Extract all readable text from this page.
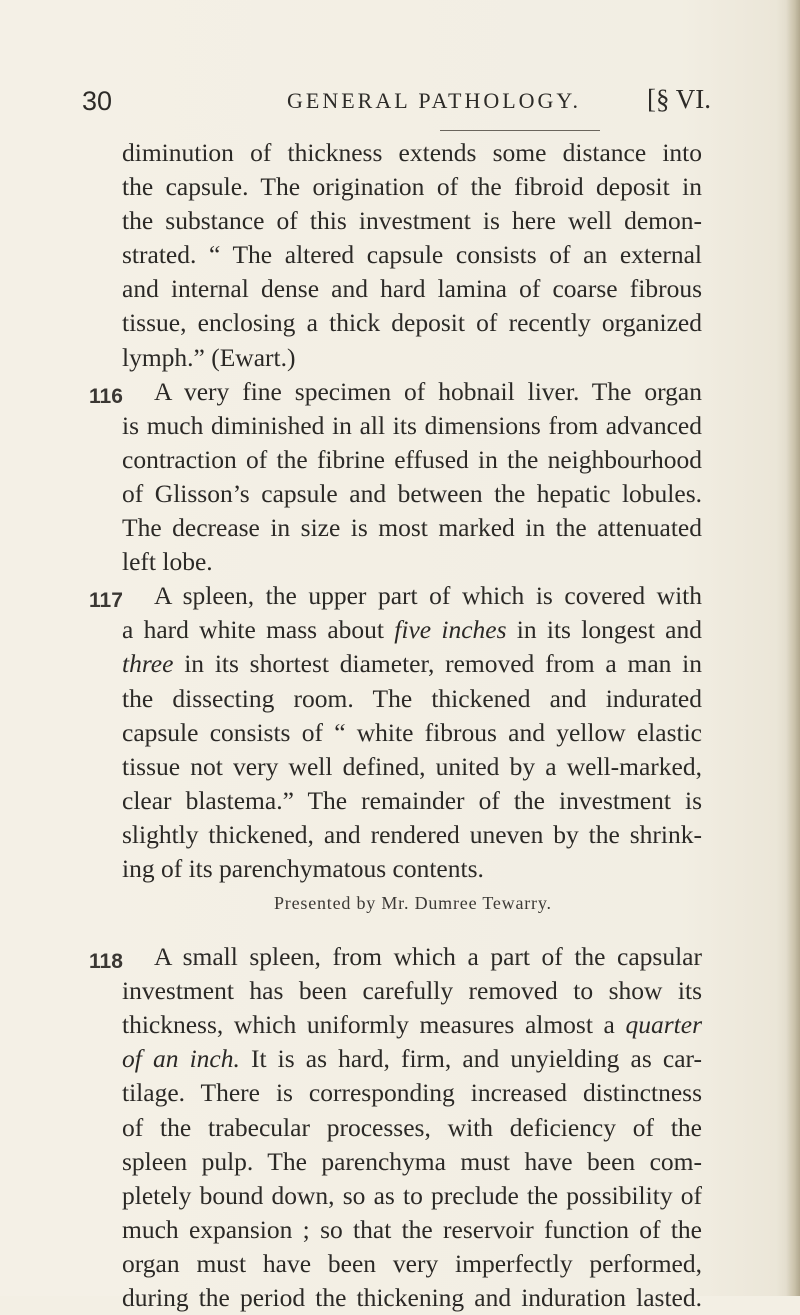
30	GENERAL PATHOLOGY. [§ VI.
diminution of thickness extends some distance into
the capsule. The origination of the fibroid deposit in
the substance of this investment is here well demon-
strated. “ The altered capsule consists of an external
and internal dense and hard lamina of coarse fibrous
tissue, enclosing a thick deposit of recently organized
lymph.” (Ewart.)
116	A very fine specimen of hobnail liver. The organ
is much diminished in all its dimensions from advanced
contraction of the fibrine effused in the neighbourhood
of Glisson’s capsule and between the hepatic lobules.
The decrease in size is most marked in the attenuated
left lobe.
117	A spleen, the upper part of which is covered with
a hard white mass about five inches in its longest and
three in its shortest diameter, removed from a man in
the dissecting room. The thickened and indurated
capsule consists of “ white fibrous and yellow elastic
tissue not very well defined, united by a well-marked,
clear blastema.” The remainder of the investment is
slightly thickened, and rendered uneven by the shrink-
ing of its parenchymatous contents.
Presented by Mr. Dumree Tewarry.
118	A small spleen, from which a part of the capsular
investment has been carefully removed to show its
thickness, which uniformly measures almost a quarter
of an inch. It is as hard, firm, and unyielding as car-
tilage. There is corresponding increased distinctness
of the trabecular processes, with deficiency of the
spleen pulp. The parenchyma must have been com-
pletely bound down, so as to preclude the possibility of
much expansion ; so that the reservoir function of the
organ must have been very imperfectly performed,
during the period the thickening and induration lasted.
